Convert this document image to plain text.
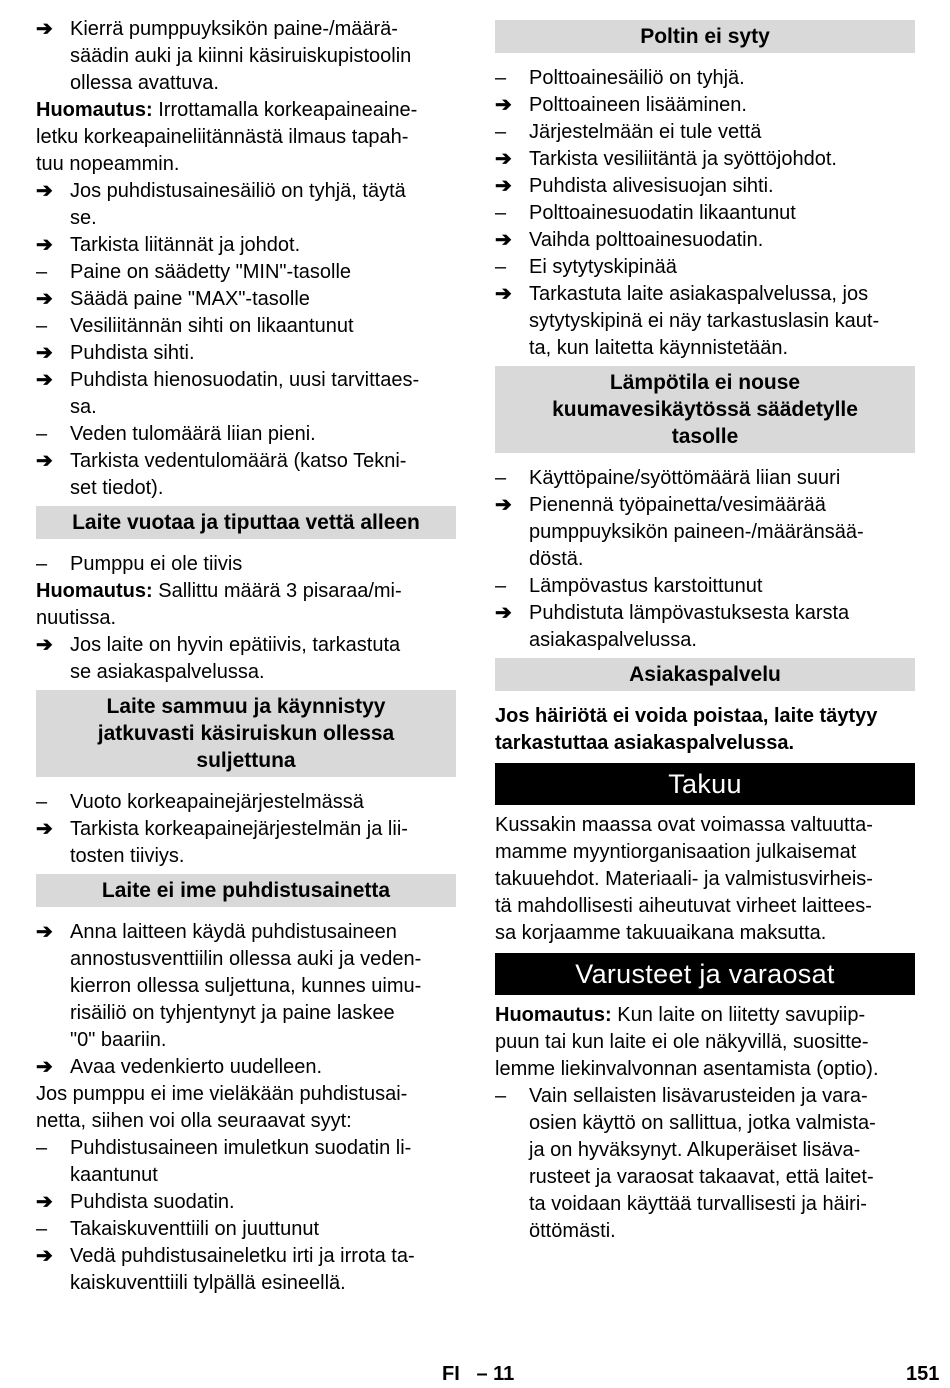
➔ Kierrä pumppuyksikön paine-/määrä-
säädin auki ja kiinni käsiruiskupistoolin
ollessa avattuva.
Huomautus: Irrottamalla korkeapaineaine-
letku korkeapaineliitännästä ilmaus tapah-
tuu nopeammin.
➔ Jos puhdistusainesäiliö on tyhjä, täytä
se.
➔ Tarkista liitännät ja johdot.
–	Paine on säädetty "MIN"-tasolle
➔ Säädä paine "MAX"-tasolle
–	Vesiliitännän sihti on likaantunut
➔ Puhdista sihti.
➔ Puhdista hienosuodatin, uusi tarvittaes-
sa.
–	Veden tulomäärä liian pieni.
➔ Tarkista vedentulomäärä (katso Tekni-
set tiedot).
Laite vuotaa ja tiputtaa vettä alleen
–	Pumppu ei ole tiivis
Huomautus: Sallittu määrä 3 pisaraa/mi-
nuutissa.
➔ Jos laite on hyvin epätiivis, tarkastuta
se asiakaspalvelussa.
Laite sammuu ja käynnistyy
jatkuvasti käsiruiskun ollessa
suljettuna
–	Vuoto korkeapainejärjestelmässä
➔ Tarkista korkeapainejärjestelmän ja lii-
tosten tiiviys.
Laite ei ime puhdistusainetta
➔ Anna laitteen käydä puhdistusaineen
annostusventtiilin ollessa auki ja veden-
kierron ollessa suljettuna, kunnes uimu-
risäiliö on tyhjentynyt ja paine laskee
"0" baariin.
➔ Avaa vedenkierto uudelleen.
Jos pumppu ei ime vieläkään puhdistusai-
netta, siihen voi olla seuraavat syyt:
–	Puhdistusaineen imuletkun suodatin li-
kaantunut
➔ Puhdista suodatin.
–	Takaiskuventtiili on juuttunut
➔ Vedä puhdistusaineletku irti ja irrota ta-
kaiskuventtiili tylpällä esineellä.
Poltin ei syty
–	Polttoainesäiliö on tyhjä.
➔ Polttoaineen lisääminen.
–	Järjestelmään ei tule vettä
➔ Tarkista vesiliitäntä ja syöttöjohdot.
➔ Puhdista alivesisuojan sihti.
–	Polttoainesuodatin likaantunut
➔ Vaihda polttoainesuodatin.
–	Ei sytytyskipinää
➔ Tarkastuta laite asiakaspalvelussa, jos
sytytyskipinä ei näy tarkastuslasin kaut-
ta, kun laitetta käynnistetään.
Lämpötila ei nouse
kuumavesikäytössä säädetylle
tasolle
–	Käyttöpaine/syöttömäärä liian suuri
➔ Pienennä työpainetta/vesimäärää
pumppuyksikön paineen-/määränsää-
döstä.
–	Lämpövastus karstoittunut
➔ Puhdistuta lämpövastuksesta karsta
asiakaspalvelussa.
Asiakaspalvelu
Jos häiriötä ei voida poistaa, laite täytyy
tarkastuttaa asiakaspalvelussa.
Takuu
Kussakin maassa ovat voimassa valtuutta-
mamme myyntiorganisaation julkaisemat
takuuehdot. Materiaali- ja valmistusvirheis-
tä mahdollisesti aiheutuvat virheet laittees-
sa korjaamme takuuaikana maksutta.
Varusteet ja varaosat
Huomautus: Kun laite on liitetty savupiip-
puun tai kun laite ei ole näkyvillä, suosittе-
lemme liekinvalvonnan asentamista (optio).
–	Vain sellaisten lisävarusteiden ja vara-
osien käyttö on sallittua, jotka valmista-
ja on hyväksynyt. Alkuperäiset lisäva-
rusteet ja varaosat takaavat, että laitet-
ta voidaan käyttää turvallisesti ja häiri-
öttömästi.
FI   – 11	151
